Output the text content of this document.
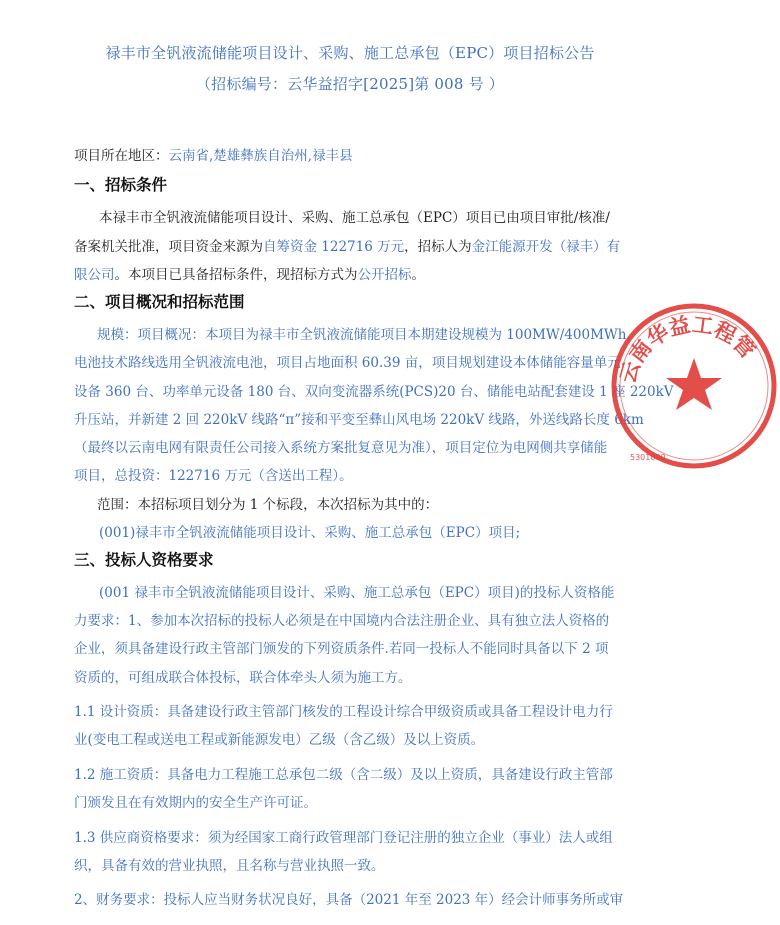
禄丰市全钒液流储能项目设计、采购、施工总承包（EPC）项目招标公告
（招标编号：云华益招字[2025]第 008 号 ）
项目所在地区：云南省,楚雄彝族自治州,禄丰县
一、招标条件
本禄丰市全钒液流储能项目设计、采购、施工总承包（EPC）项目已由项目审批/核准/
备案机关批准，项目资金来源为自筹资金 122716 万元，招标人为金江能源开发（禄丰）有
限公司。本项目已具备招标条件，现招标方式为公开招标。
二、项目概况和招标范围
规模：项目概况：本项目为禄丰市全钒液流储能项目本期建设规模为 100MW/400MWh，
电池技术路线选用全钒液流电池，项目占地面积 60.39 亩，项目规划建设本体储能容量单元
设备 360 台、功率单元设备 180 台、双向变流器系统(PCS)20 台、储能电站配套建设 1 座 220kV
升压站，并新建 2 回 220kV 线路“π”接和平变至彝山风电场 220kV 线路，外送线路长度 6km
（最终以云南电网有限责任公司接入系统方案批复意见为准），项目定位为电网侧共享储能
项目，总投资：122716 万元（含送出工程）。
范围：本招标项目划分为 1 个标段，本次招标为其中的：
(001)禄丰市全钒液流储能项目设计、采购、施工总承包（EPC）项目;
三、投标人资格要求
(001 禄丰市全钒液流储能项目设计、采购、施工总承包（EPC）项目)的投标人资格能
力要求：1、参加本次招标的投标人必须是在中国境内合法注册企业、具有独立法人资格的
企业，须具备建设行政主管部门颁发的下列资质条件.若同一投标人不能同时具备以下 2 项
资质的，可组成联合体投标，联合体牵头人须为施工方。
1.1 设计资质：具备建设行政主管部门核发的工程设计综合甲级资质或具备工程设计电力行
业(变电工程或送电工程或新能源发电）乙级（含乙级）及以上资质。
1.2 施工资质：具备电力工程施工总承包二级（含二级）及以上资质，具备建设行政主管部
门颁发且在有效期内的安全生产许可证。
1.3 供应商资格要求：须为经国家工商行政管理部门登记注册的独立企业（事业）法人或组
织，具备有效的营业执照，且名称与营业执照一致。
2、财务要求：投标人应当财务状况良好，具备（2021 年至 2023 年）经会计师事务所或审
云南华益工程管
5301000
